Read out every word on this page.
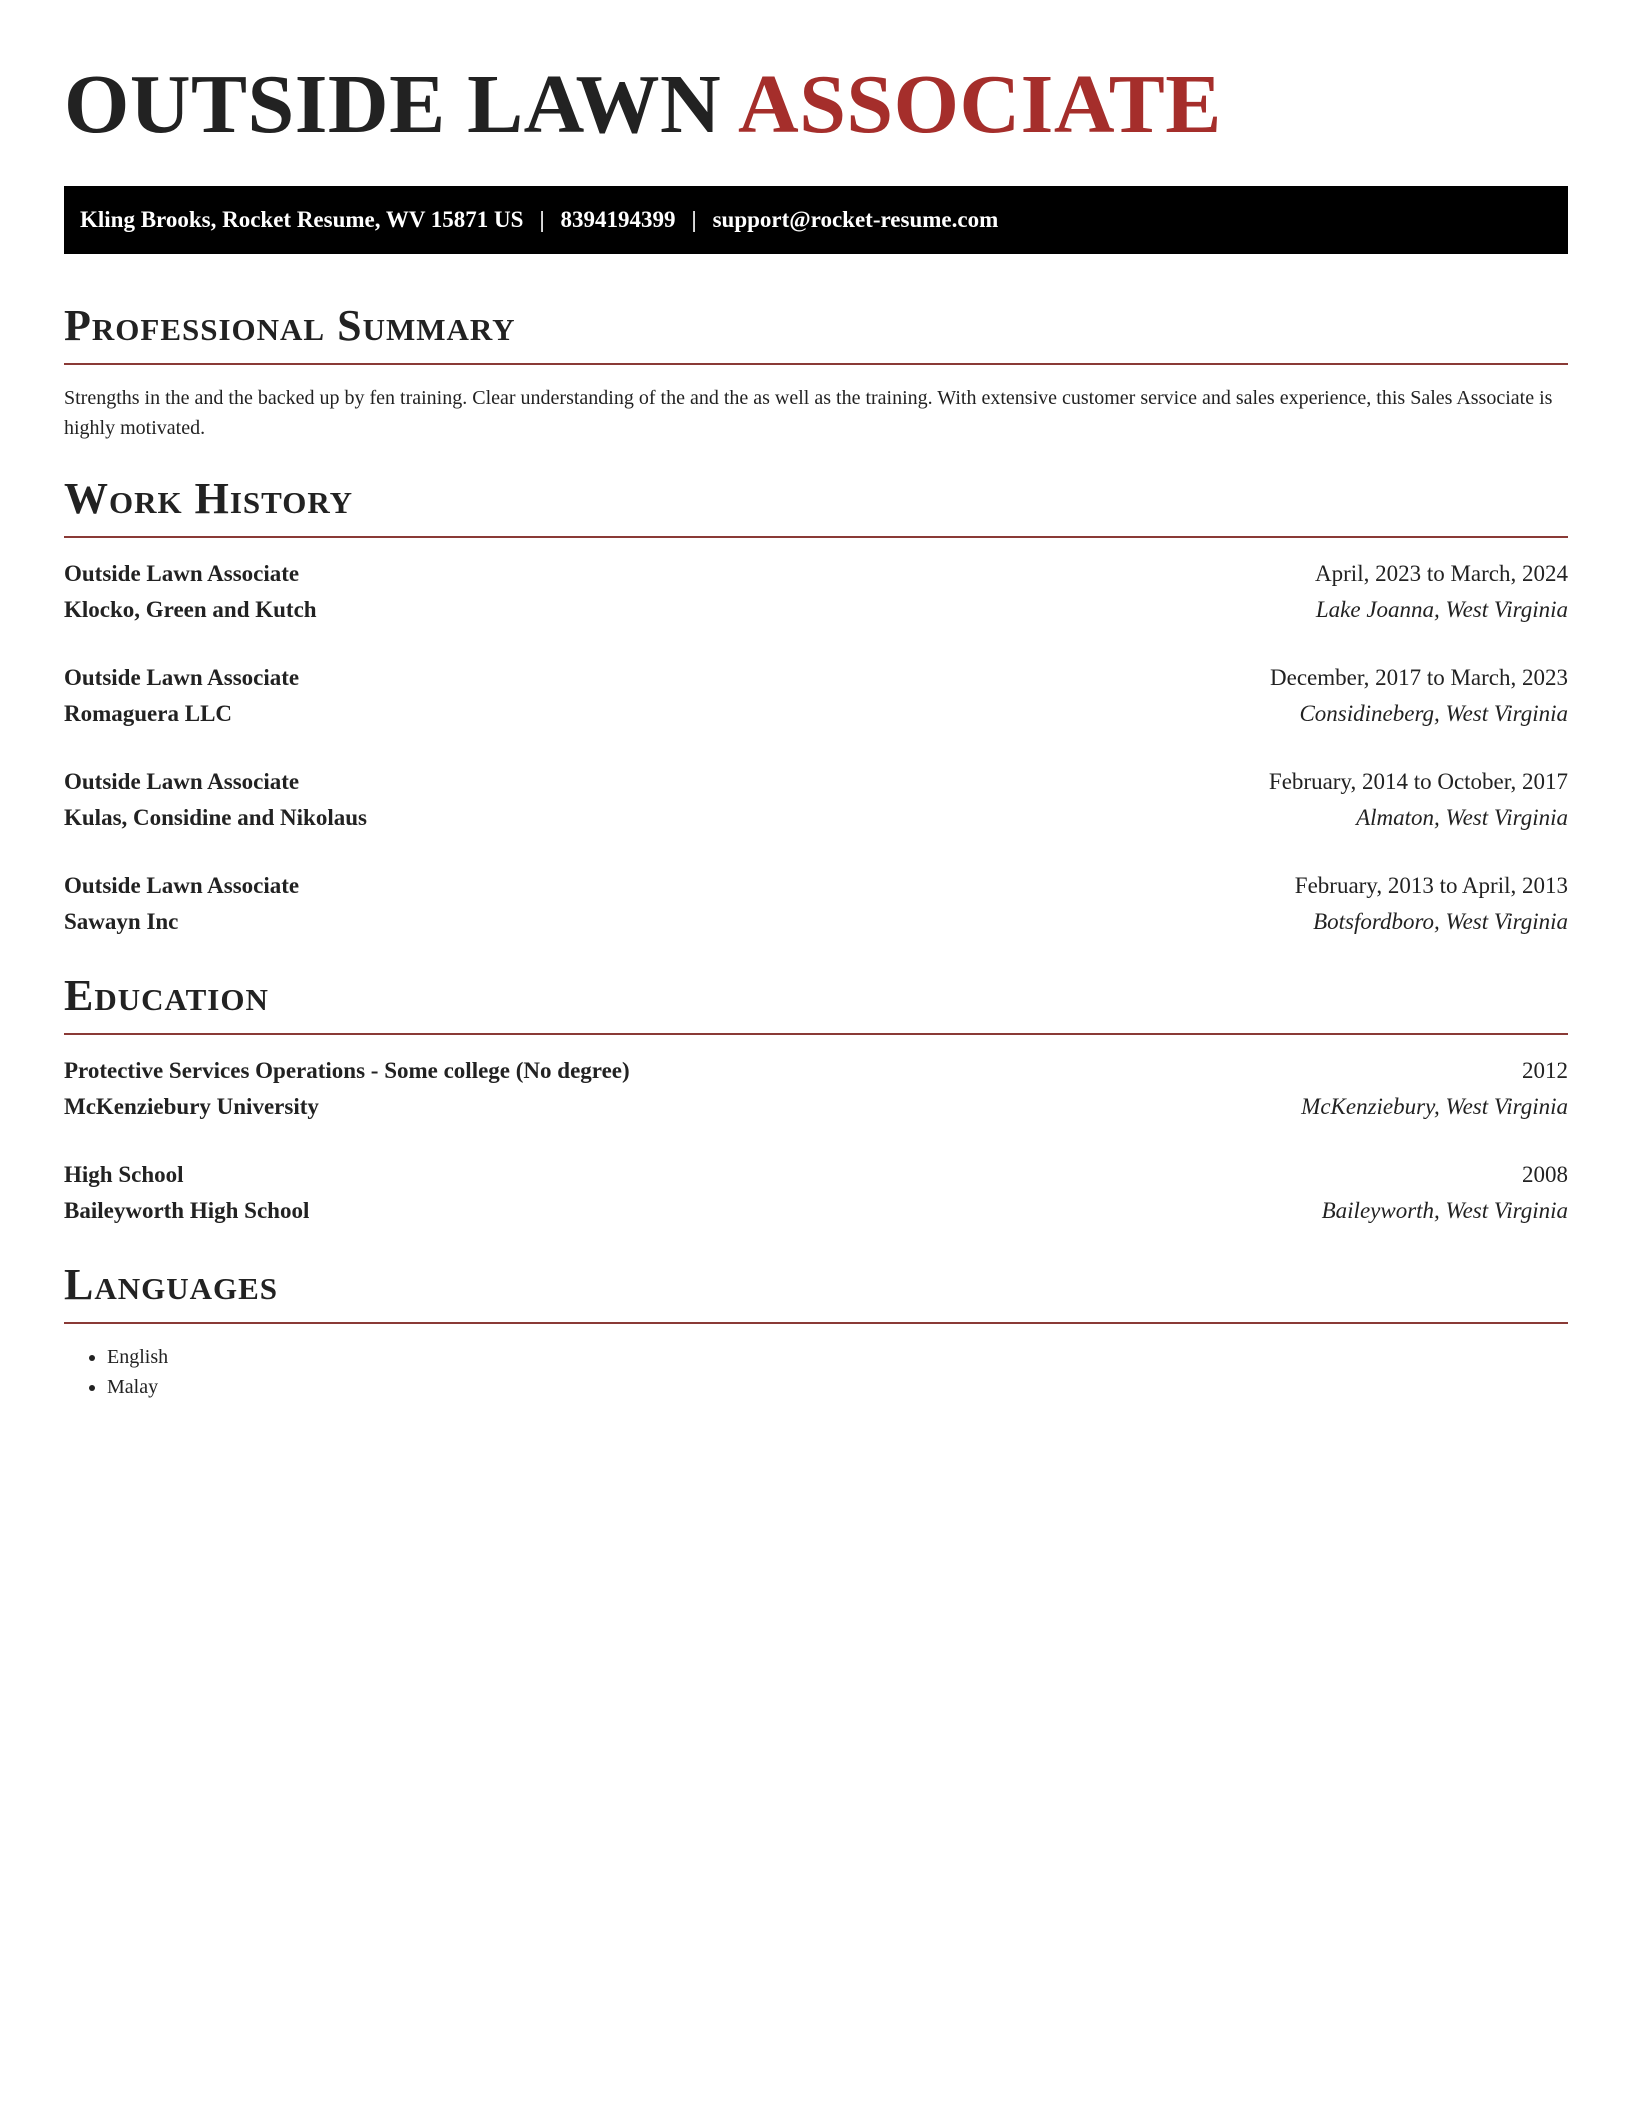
OUTSIDE LAWN ASSOCIATE
Kling Brooks, Rocket Resume, WV 15871 US | 8394194399 | support@rocket-resume.com
Professional Summary

Strengths in the and the backed up by fen training. Clear understanding of the and the as well as the training. With extensive customer service and sales experience, this Sales Associate is highly motivated.

Work History
Outside Lawn Associate	April, 2023 to March, 2024
Klocko, Green and Kutch	Lake Joanna, West Virginia
Outside Lawn Associate	December, 2017 to March, 2023
Romaguera LLC	Considineberg, West Virginia
Outside Lawn Associate	February, 2014 to October, 2017
Kulas, Considine and Nikolaus	Almaton, West Virginia
Outside Lawn Associate	February, 2013 to April, 2013
Sawayn Inc	Botsfordboro, West Virginia
Education
Protective Services Operations - Some college (No degree)	2012
McKenziebury University	McKenziebury, West Virginia
High School	2008
Baileyworth High School	Baileyworth, West Virginia
Languages
• English
• Malay
